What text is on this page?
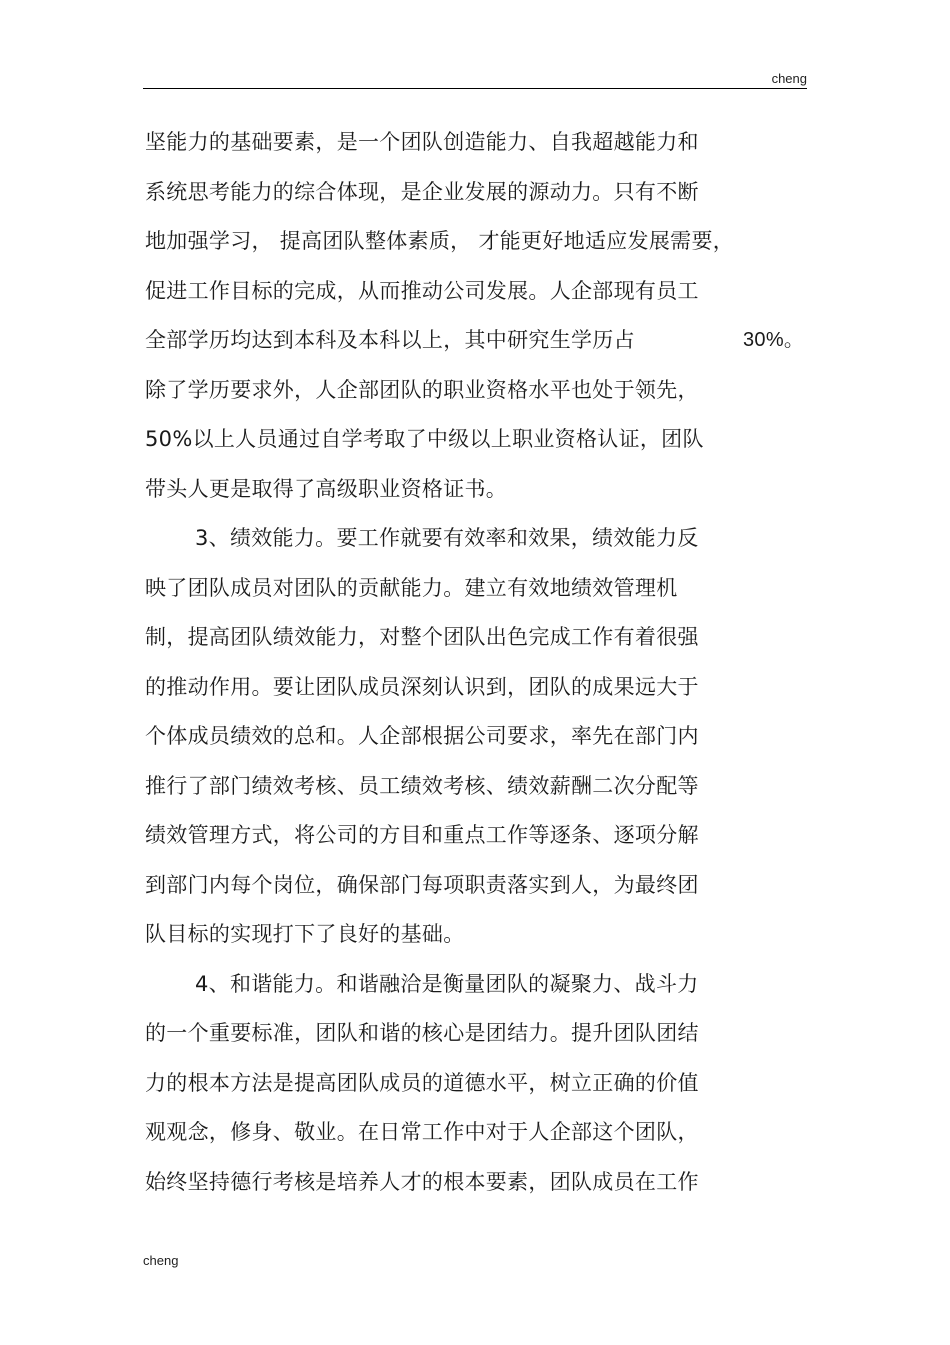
cheng
坚能力的基础要素，是一个团队创造能力、自我超越能力和
系统思考能力的综合体现，是企业发展的源动力。只有不断
地加强学习， 提高团队整体素质， 才能更好地适应发展需要，
促进工作目标的完成，从而推动公司发展。人企部现有员工
全部学历均达到本科及本科以上，其中研究生学历占	30%。
除了学历要求外，人企部团队的职业资格水平也处于领先，
50%以上人员通过自学考取了中级以上职业资格认证，团队
带头人更是取得了高级职业资格证书。
3、绩效能力。要工作就要有效率和效果，绩效能力反
映了团队成员对团队的贡献能力。建立有效地绩效管理机
制，提高团队绩效能力，对整个团队出色完成工作有着很强
的推动作用。要让团队成员深刻认识到，团队的成果远大于
个体成员绩效的总和。人企部根据公司要求，率先在部门内
推行了部门绩效考核、员工绩效考核、绩效薪酬二次分配等
绩效管理方式，将公司的方目和重点工作等逐条、逐项分解
到部门内每个岗位，确保部门每项职责落实到人，为最终团
队目标的实现打下了良好的基础。
4、和谐能力。和谐融洽是衡量团队的凝聚力、战斗力
的一个重要标准，团队和谐的核心是团结力。提升团队团结
力的根本方法是提高团队成员的道德水平，树立正确的价值
观观念，修身、敬业。在日常工作中对于人企部这个团队，
始终坚持德行考核是培养人才的根本要素，团队成员在工作
cheng
